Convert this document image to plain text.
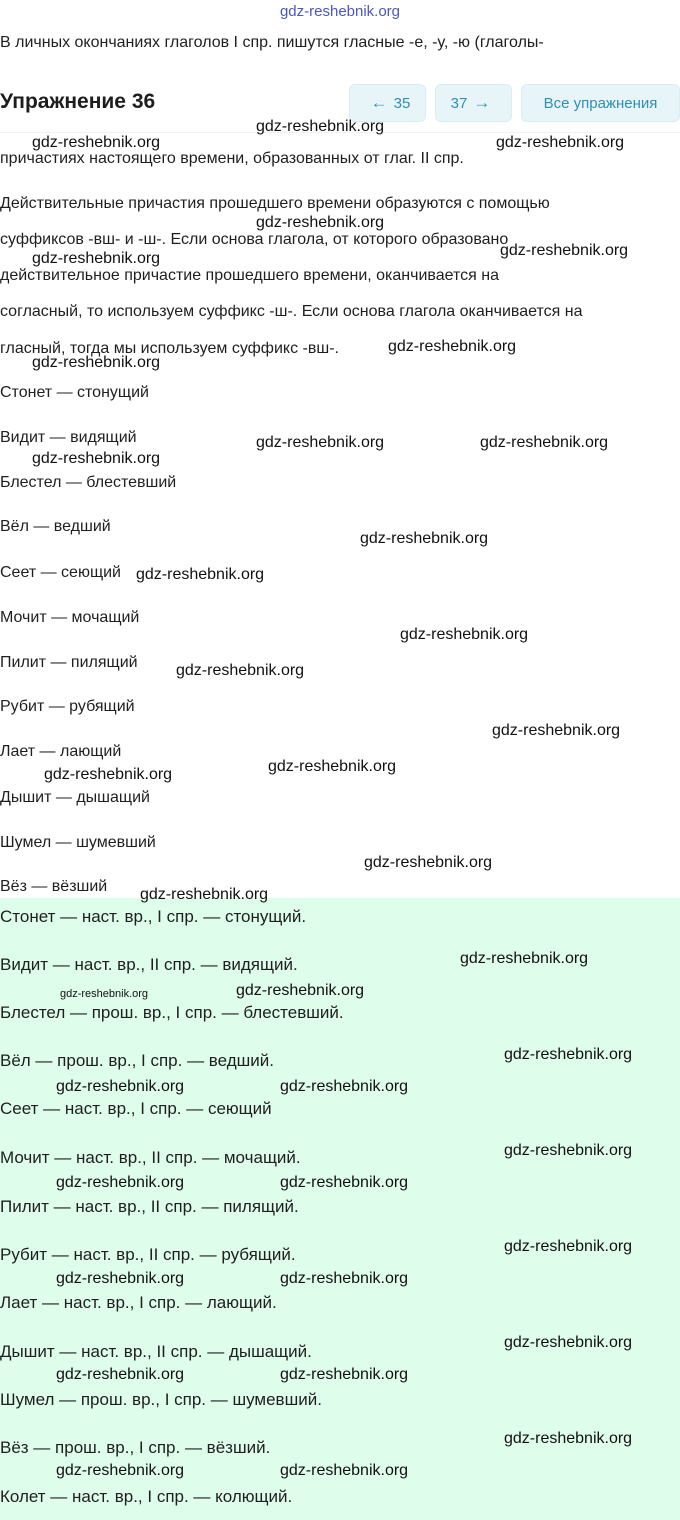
gdz-reshebnik.org
В личных окончаниях глаголов I спр. пишутся гласные -е, -у, -ю (глаголы-
причастиях настоящего времени, образованных от глаг. II спр.
Действительные причастия прошедшего времени образуются с помощью
суффиксов -вш- и -ш-. Если основа глагола, от которого образовано
действительное причастие прошедшего времени, оканчивается на
согласный, то используем суффикс -ш-. Если основа глагола оканчивается на
гласный, тогда мы используем суффикс -вш-.
Стонет — стонущий
Видит — видящий
Блестел — блестевший
Вёл — ведший
Сеет — сеющий
Мочит — мочащий
Пилит — пилящий
Рубит — рубящий
Лает — лающий
Дышит — дышащий
Шумел — шумевший
Вёз — вёзший
Стонет — наст. вр., I спр. — стонущий.
Видит — наст. вр., II спр. — видящий.
Блестел — прош. вр., I спр. — блестевший.
Вёл — прош. вр., I спр. — ведший.
Сеет — наст. вр., I спр. — сеющий
Мочит — наст. вр., II спр. — мочащий.
Пилит — наст. вр., II спр. — пилящий.
Рубит — наст. вр., II спр. — рубящий.
Лает — наст. вр., I спр. — лающий.
Дышит — наст. вр., II спр. — дышащий.
Шумел — прош. вр., I спр. — шумевший.
Вёз — прош. вр., I спр. — вёзший.
Колет — наст. вр., I спр. — колющий.
Упражнение 36	← 35	37 →	Все упражнения
gdz-reshebnik.org
gdz-reshebnik.org	gdz-reshebnik.org
gdz-reshebnik.org
gdz-reshebnik.org
gdz-reshebnik.org
gdz-reshebnik.org
gdz-reshebnik.org
gdz-reshebnik.org	gdz-reshebnik.org
gdz-reshebnik.org
gdz-reshebnik.org
gdz-reshebnik.org
gdz-reshebnik.org
gdz-reshebnik.org
gdz-reshebnik.org
gdz-reshebnik.org
gdz-reshebnik.org
gdz-reshebnik.org
gdz-reshebnik.org
gdz-reshebnik.org
gdz-reshebnik.org	gdz-reshebnik.org
gdz-reshebnik.org
gdz-reshebnik.org	gdz-reshebnik.org
gdz-reshebnik.org
gdz-reshebnik.org	gdz-reshebnik.org
gdz-reshebnik.org
gdz-reshebnik.org	gdz-reshebnik.org
gdz-reshebnik.org
gdz-reshebnik.org	gdz-reshebnik.org
gdz-reshebnik.org
gdz-reshebnik.org	gdz-reshebnik.org
